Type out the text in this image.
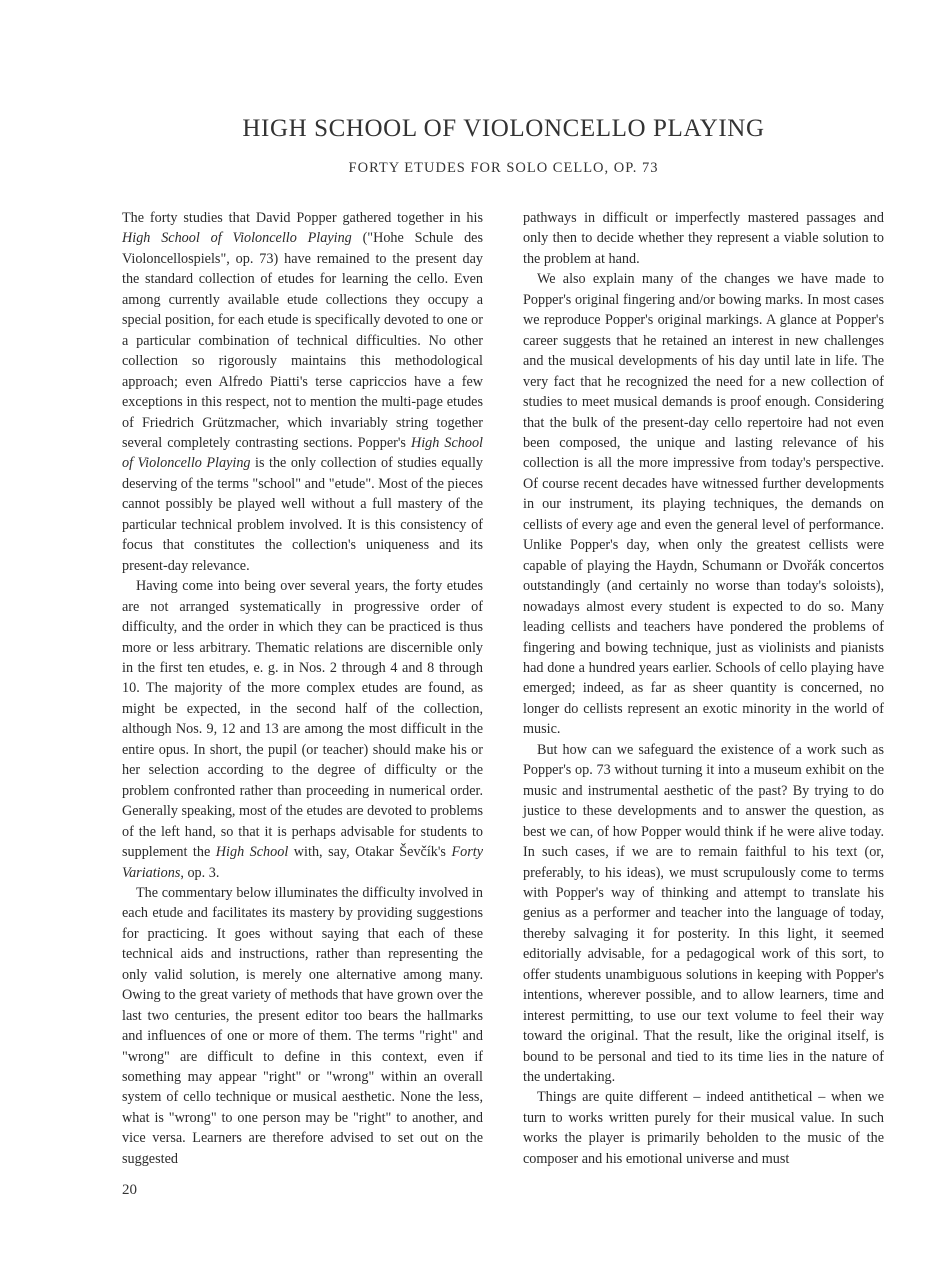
HIGH SCHOOL OF VIOLONCELLO PLAYING
FORTY ETUDES FOR SOLO CELLO, OP. 73

The forty studies that David Popper gathered together in his High School of Violoncello Playing ("Hohe Schule des Violoncellospiels", op. 73) have remained to the present day the standard collection of etudes for learning the cello. Even among currently available etude collections they occupy a special position, for each etude is specifically devoted to one or a particular combination of technical difficulties. No other collection so rigorously maintains this methodological approach; even Alfredo Piatti's terse capriccios have a few exceptions in this respect, not to mention the multi-page etudes of Friedrich Grützmacher, which invariably string together several completely contrasting sections. Popper's High School of Violoncello Playing is the only collection of studies equally deserving of the terms "school" and "etude". Most of the pieces cannot possibly be played well without a full mastery of the particular technical problem involved. It is this consistency of focus that constitutes the collection's uniqueness and its present-day relevance.

Having come into being over several years, the forty etudes are not arranged systematically in progressive order of difficulty, and the order in which they can be practiced is thus more or less arbitrary. Thematic relations are discernible only in the first ten etudes, e. g. in Nos. 2 through 4 and 8 through 10. The majority of the more complex etudes are found, as might be expected, in the second half of the collection, although Nos. 9, 12 and 13 are among the most difficult in the entire opus. In short, the pupil (or teacher) should make his or her selection according to the degree of difficulty or the problem confronted rather than proceeding in numerical order. Generally speaking, most of the etudes are devoted to problems of the left hand, so that it is perhaps advisable for students to supplement the High School with, say, Otakar Ševčík's Forty Variations, op. 3.

The commentary below illuminates the difficulty involved in each etude and facilitates its mastery by providing suggestions for practicing. It goes without saying that each of these technical aids and instructions, rather than representing the only valid solution, is merely one alternative among many. Owing to the great variety of methods that have grown over the last two centuries, the present editor too bears the hallmarks and influences of one or more of them. The terms "right" and "wrong" are difficult to define in this context, even if something may appear "right" or "wrong" within an overall system of cello technique or musical aesthetic. None the less, what is "wrong" to one person may be "right" to another, and vice versa. Learners are therefore advised to set out on the suggested

pathways in difficult or imperfectly mastered passages and only then to decide whether they represent a viable solution to the problem at hand.

We also explain many of the changes we have made to Popper's original fingering and/or bowing marks. In most cases we reproduce Popper's original markings. A glance at Popper's career suggests that he retained an interest in new challenges and the musical developments of his day until late in life. The very fact that he recognized the need for a new collection of studies to meet musical demands is proof enough. Considering that the bulk of the present-day cello repertoire had not even been composed, the unique and lasting relevance of his collection is all the more impressive from today's perspective. Of course recent decades have witnessed further developments in our instrument, its playing techniques, the demands on cellists of every age and even the general level of performance. Unlike Popper's day, when only the greatest cellists were capable of playing the Haydn, Schumann or Dvořák concertos outstandingly (and certainly no worse than today's soloists), nowadays almost every student is expected to do so. Many leading cellists and teachers have pondered the problems of fingering and bowing technique, just as violinists and pianists had done a hundred years earlier. Schools of cello playing have emerged; indeed, as far as sheer quantity is concerned, no longer do cellists represent an exotic minority in the world of music.

But how can we safeguard the existence of a work such as Popper's op. 73 without turning it into a museum exhibit on the music and instrumental aesthetic of the past? By trying to do justice to these developments and to answer the question, as best we can, of how Popper would think if he were alive today. In such cases, if we are to remain faithful to his text (or, preferably, to his ideas), we must scrupulously come to terms with Popper's way of thinking and attempt to translate his genius as a performer and teacher into the language of today, thereby salvaging it for posterity. In this light, it seemed editorially advisable, for a pedagogical work of this sort, to offer students unambiguous solutions in keeping with Popper's intentions, wherever possible, and to allow learners, time and interest permitting, to use our text volume to feel their way toward the original. That the result, like the original itself, is bound to be personal and tied to its time lies in the nature of the undertaking.

Things are quite different – indeed antithetical – when we turn to works written purely for their musical value. In such works the player is primarily beholden to the music of the composer and his emotional universe and must

20
